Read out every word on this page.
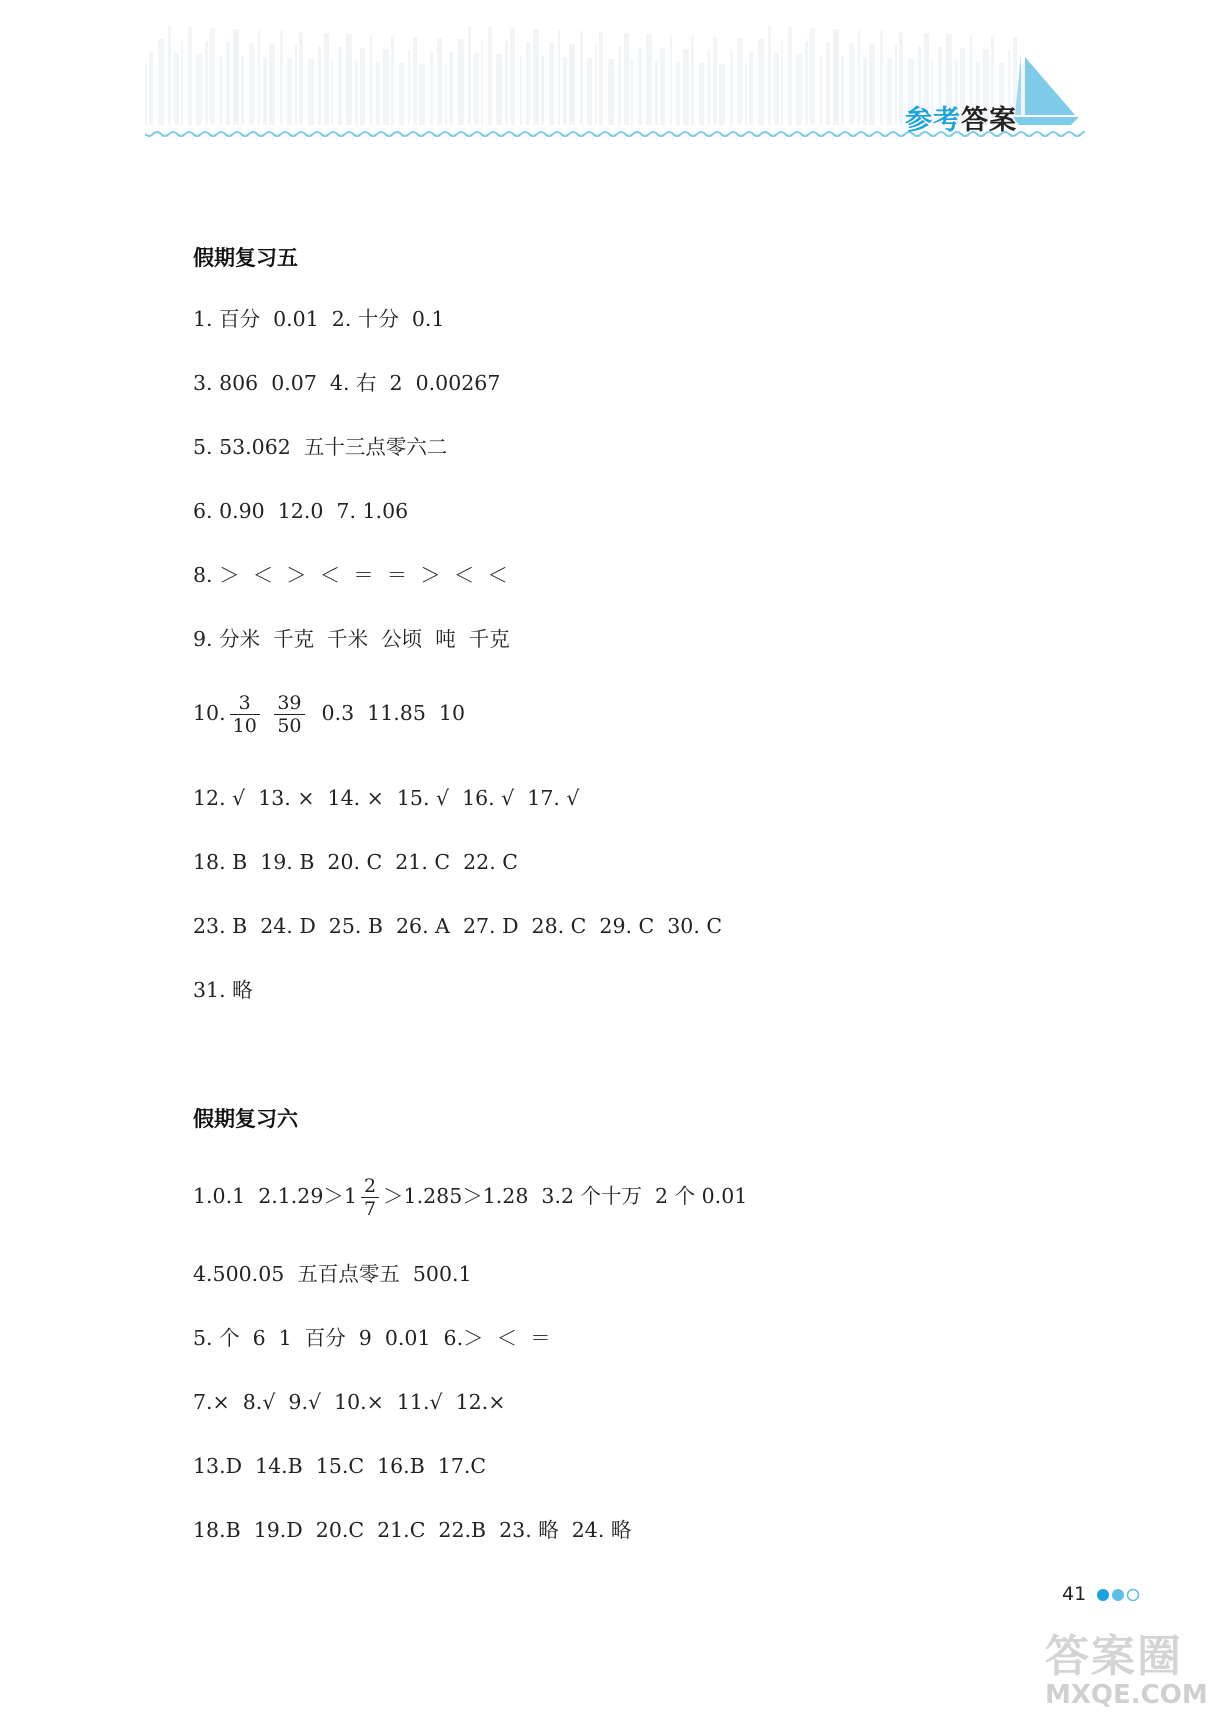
参考答案
假期复习五
1. 百分  0.01  2. 十分  0.1
3. 806  0.07  4. 右  2  0.00267
5. 53.062  五十三点零六二
6. 0.90  12.0  7. 1.06
8. ＞  ＜  ＞  ＜  ＝  ＝  ＞  ＜  ＜
9. 分米  千克  千米  公顷  吨  千克
10. $\frac{3}{10}$
$\frac{39}{50} 0.3$  11.85  10
12. √  13. ×  14. ×  15. √  16. √  17. √
18. B  19. B  20. C  21. C  22. C
23. B  24. D  25. B  26. A  27. D  28. C  29. C  30. C
31. 略
假期复习六
1.0.1  $2.1.29>1 \frac{2}{7} >1.285>1.28$  3.2 个十万  2 个 0.01
4.500.05  五百点零五  500.1
5. 个  6  1  百分  9  0.01  6.＞  ＜  ＝
7.×  8.√  9.√  10.×  11.√  12.×
13.D  14.B  15.C  16.B  17.C
18.B  19.D  20.C  21.C  22.B  23. 略  24. 略
41
答案圈
MXQE.COM
